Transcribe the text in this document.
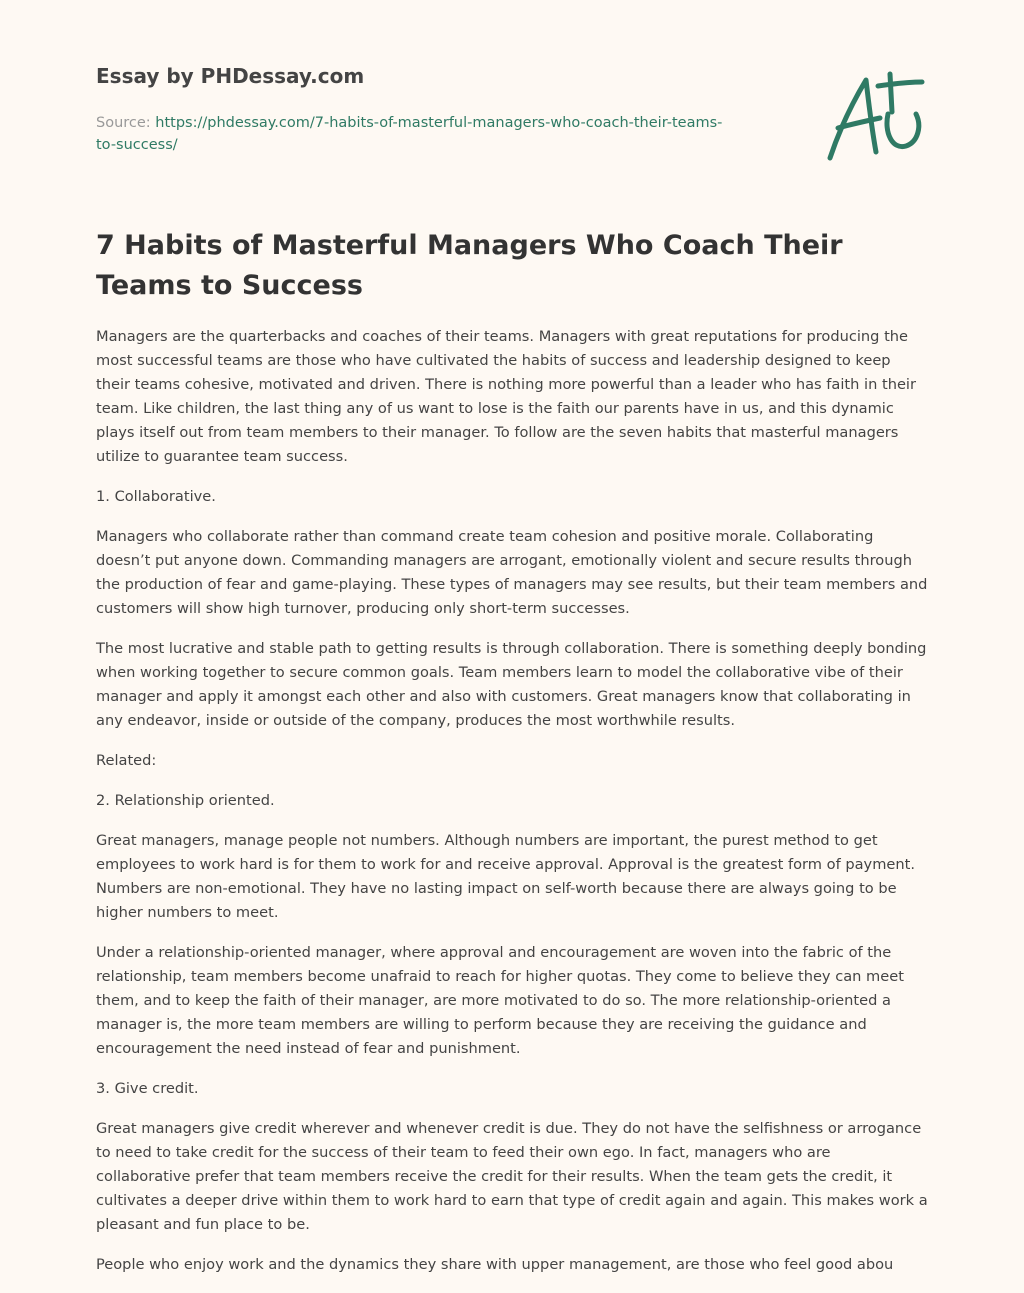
Essay by PHDessay.com

Source: https://phdessay.com/7-habits-of-masterful-managers-who-coach-their-teams-
to-success/

7 Habits of Masterful Managers Who Coach Their Teams to Success

Managers are the quarterbacks and coaches of their teams. Managers with great reputations for producing the most successful teams are those who have cultivated the habits of success and leadership designed to keep their teams cohesive, motivated and driven. There is nothing more powerful than a leader who has faith in their team. Like children, the last thing any of us want to lose is the faith our parents have in us, and this dynamic plays itself out from team members to their manager. To follow are the seven habits that masterful managers utilize to guarantee team success.

1. Collaborative.

Managers who collaborate rather than command create team cohesion and positive morale. Collaborating doesn’t put anyone down. Commanding managers are arrogant, emotionally violent and secure results through the production of fear and game-playing. These types of managers may see results, but their team members and customers will show high turnover, producing only short-term successes.

The most lucrative and stable path to getting results is through collaboration. There is something deeply bonding when working together to secure common goals. Team members learn to model the collaborative vibe of their manager and apply it amongst each other and also with customers. Great managers know that collaborating in any endeavor, inside or outside of the company, produces the most worthwhile results.

Related:

2. Relationship oriented.

Great managers, manage people not numbers. Although numbers are important, the purest method to get employees to work hard is for them to work for and receive approval. Approval is the greatest form of payment. Numbers are non-emotional. They have no lasting impact on self-worth because there are always going to be higher numbers to meet.

Under a relationship-oriented manager, where approval and encouragement are woven into the fabric of the relationship, team members become unafraid to reach for higher quotas. They come to believe they can meet them, and to keep the faith of their manager, are more motivated to do so. The more relationship-oriented a manager is, the more team members are willing to perform because they are receiving the guidance and encouragement the need instead of fear and punishment.

3. Give credit.

Great managers give credit wherever and whenever credit is due. They do not have the selfishness or arrogance to need to take credit for the success of their team to feed their own ego. In fact, managers who are collaborative prefer that team members receive the credit for their results. When the team gets the credit, it cultivates a deeper drive within them to work hard to earn that type of credit again and again. This makes work a pleasant and fun place to be.

People who enjoy work and the dynamics they share with upper management, are those who feel good abou
